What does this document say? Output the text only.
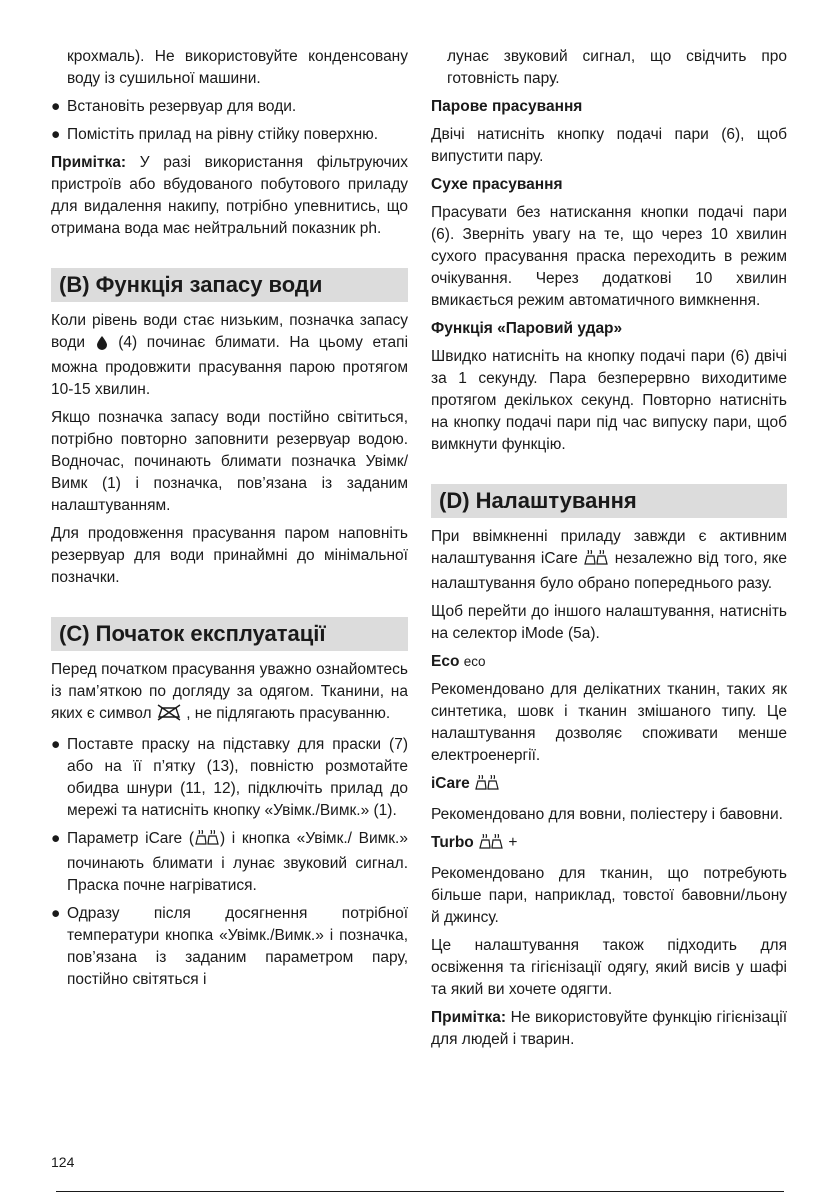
крохмаль). Не використовуйте конденсовану воду із сушильної машини.

● Встановіть резервуар для води.
● Помістіть прилад на рівну стійку поверхню.

Примітка: У разі використання фільтруючих пристроїв або вбудованого побутового приладу для видалення накипу, потрібно упевнитись, що отримана вода має нейтральний показник ph.

(B) Функція запасу води

Коли рівень води стає низьким, позначка запасу води (4) починає блимати. На цьому етапі можна продовжити прасування парою протягом 10-15 хвилин.

Якщо позначка запасу води постійно світиться, потрібно повторно заповнити резервуар водою. Водночас, починають блимати позначка Увімк/Вимк (1) і позначка, пов’язана із заданим налаштуванням.

Для продовження прасування паром наповніть резервуар для води принаймні до мінімальної позначки.

(С) Початок експлуатації

Перед початком прасування уважно ознайомтесь із пам’яткою по догляду за одягом. Тканини, на яких є символ , не підлягають прасуванню.

● Поставте праску на підставку для праски (7) або на її п’ятку (13), повністю розмотайте обидва шнури (11, 12), підключіть прилад до мережі та натисніть кнопку «Увімк./Вимк.» (1).
● Параметр iCare ( ) і кнопка «Увімк./ Вимк.» починають блимати і лунає звуковий сигнал. Праска почне нагріватися.
● Одразу після досягнення потрібної температури кнопка «Увімк./Вимк.» і позначка, пов’язана із заданим параметром пару, постійно світяться і

лунає звуковий сигнал, що свідчить про готовність пару.

Парове прасування

Двічі натисніть кнопку подачі пари (6), щоб випустити пару.

Сухе прасування

Прасувати без натискання кнопки подачі пари (6). Зверніть увагу на те, що через 10 хвилин сухого прасування праска переходить в режим очікування. Через додаткові 10 хвилин вмикається режим автоматичного вимкнення.

Функція «Паровий удар»

Швидко натисніть на кнопку подачі пари (6) двічі за 1 секунду. Пара безперервно виходитиме протягом декількох секунд. Повторно натисніть на кнопку подачі пари під час випуску пари, щоб вимкнути функцію.

(D) Налаштування

При ввімкненні приладу завжди є активним налаштування iCare незалежно від того, яке налаштування було обрано попереднього разу.

Щоб перейти до іншого налаштування, натисніть на селектор iMode (5a).

Eco eco

Рекомендовано для делікатних тканин, таких як синтетика, шовк і тканин змішаного типу. Це налаштування дозволяє споживати менше електроенергії.

iCare

Рекомендовано для вовни, поліестеру і бавовни.

Turbo +

Рекомендовано для тканин, що потребують більше пари, наприклад, товстої бавовни/льону й джинсу.

Це налаштування також підходить для освіження та гігієнізації одягу, який висів у шафі та який ви хочете одягти.

Примітка: Не використовуйте функцію гігієнізації для людей і тварин.

124
